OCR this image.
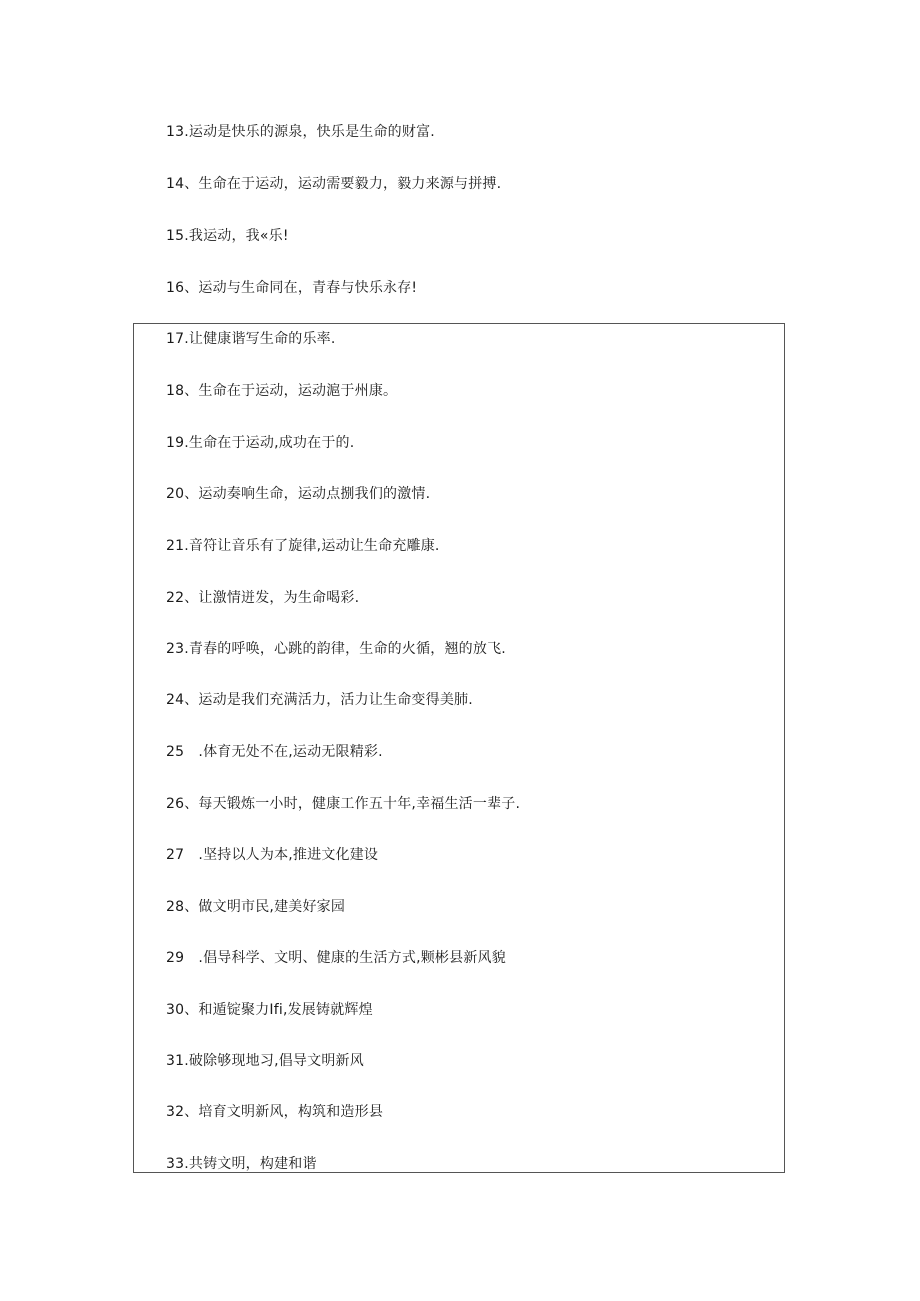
13.运动是快乐的源泉，快乐是生命的财富.
14、生命在于运动，运动需要毅力，毅力来源与拼搏.
15.我运动，我«乐!
16、运动与生命同在，青春与快乐永存!
17.让健康谐写生命的乐率.
18、生命在于运动，运动滬于州康。
19.生命在于运动,成功在于的.
20、运动奏响生命，运动点捌我们的激情.
21.音符让音乐有了旋律,运动让生命充雕康.
22、让激情迸发，为生命喝彩.
23.青春的呼唤，心跳的韵律，生命的火循，翘的放飞.
24、运动是我们充满活力，活力让生命变得美肺.
25　.体育无处不在,运动无限精彩.
26、每天锻炼一小时，健康工作五十年,幸福生活一辈子.
27　.坚持以人为本,推进文化建设
28、做文明市民,建美好家园
29　.倡导科学、文明、健康的生活方式,颗彬县新风貌
30、和遁锭聚力Ifi,发展铸就辉煌
31.破除够现地习,倡导文明新风
32、培育文明新风，构筑和造形县
33.共铸文明，构建和谐
